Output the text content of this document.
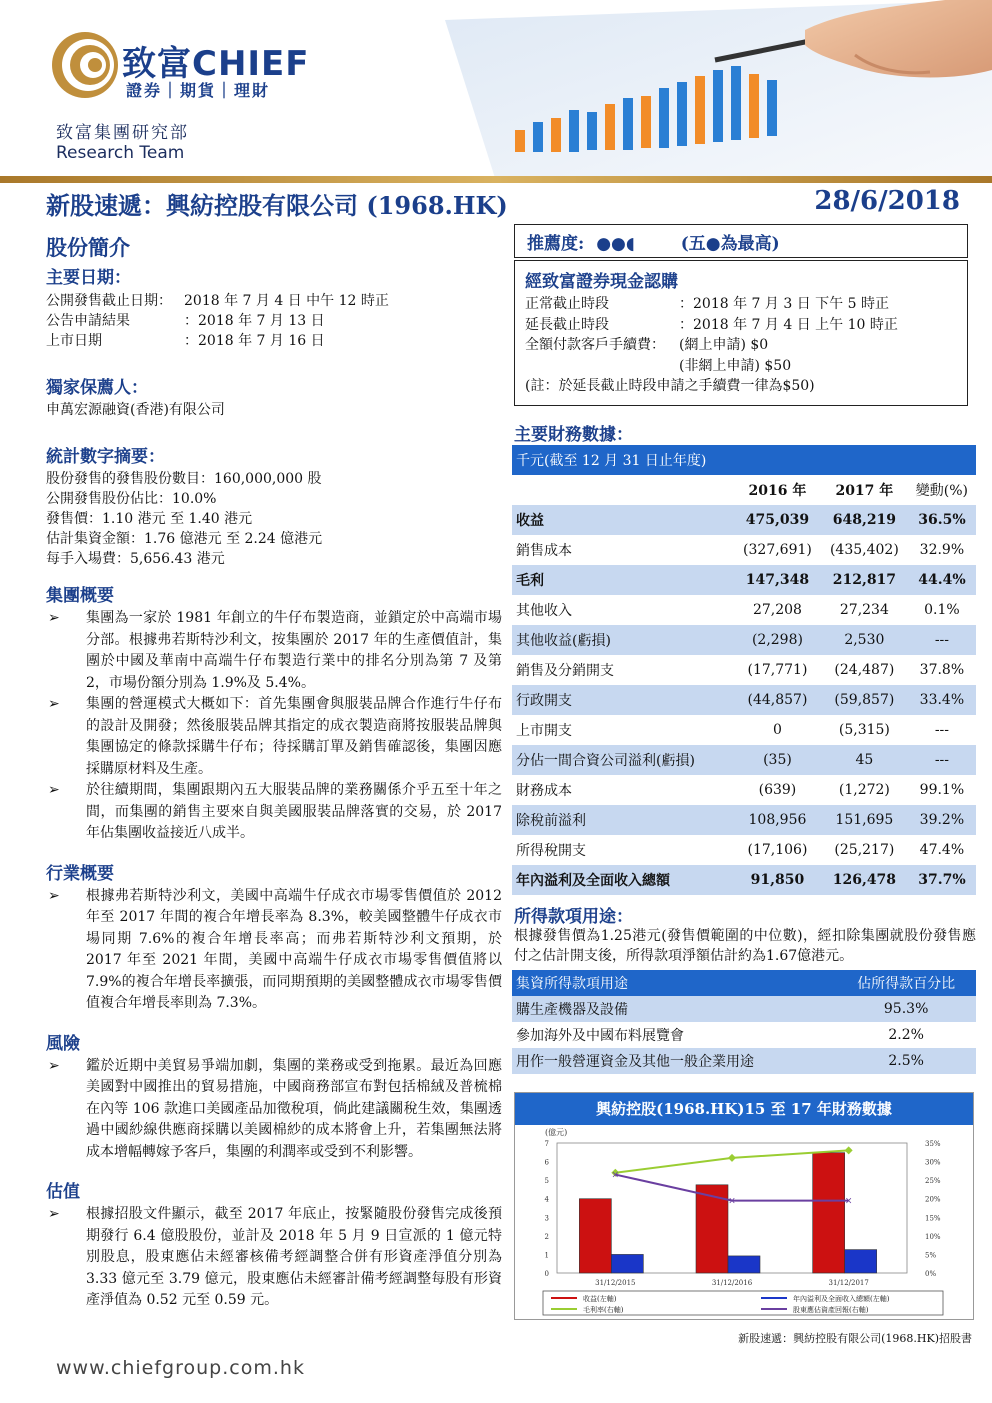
致富CHIEF
證券｜期貨｜理財
致富集團研究部
Research Team
新股速遞：興紡控股有限公司 (1968.HK)	28/6/2018
股份簡介
主要日期：
公開發售截止日期： 2018 年 7 月 4 日 中午 12 時正
公告申請結果	：2018 年 7 月 13 日
上市日期	：2018 年 7 月 16 日
獨家保薦人：
申萬宏源融資(香港)有限公司
統計數字摘要：
股份發售的發售股份數目：160,000,000 股
公開發售股份佔比：10.0%
發售價：1.10 港元 至 1.40 港元
估計集資金額：1.76 億港元 至 2.24 億港元
每手入場費：5,656.43 港元
集團概要
➢	集團為一家於 1981 年創立的牛仔布製造商，並鎖定於中高端市場分部。根據弗若斯特沙利文，按集團於 2017 年的生產價值計，集團於中國及華南中高端牛仔布製造行業中的排名分別為第 7 及第 2，市場份額分別為 1.9%及 5.4%。
➢	集團的營運模式大概如下：首先集團會與服裝品牌合作進行牛仔布的設計及開發；然後服裝品牌其指定的成衣製造商將按服裝品牌與集團協定的條款採購牛仔布；待採購訂單及銷售確認後，集團因應採購原材料及生產。
➢	於往續期間，集團跟期內五大服裝品牌的業務關係介乎五至十年之間，而集團的銷售主要來自與美國服裝品牌落實的交易，於 2017 年佔集團收益接近八成半。
行業概要
➢	根據弗若斯特沙利文，美國中高端牛仔成衣市場零售價值於 2012 年至 2017 年間的複合年增長率為 8.3%，較美國整體牛仔成衣市場同期 7.6%的複合年增長率高；而弗若斯特沙利文預期，於 2017 年至 2021 年間，美國中高端牛仔成衣市場零售價值將以 7.9%的複合年增長率擴張，而同期預期的美國整體成衣市場零售價值複合年增長率則為 7.3%。
風險
➢	鑑於近期中美貿易爭端加劇，集團的業務或受到拖累。最近為回應美國對中國推出的貿易措施，中國商務部宣布對包括棉絨及普梳棉在內等 106 款進口美國產品加徵稅項，倘此建議關稅生效，集團透過中國紗線供應商採購以美國棉紗的成本將會上升，若集團無法將成本增幅轉嫁予客戶，集團的利潤率或受到不利影響。
估值
➢	根據招股文件顯示，截至 2017 年底止，按緊隨股份發售完成後預期發行 6.4 億股股份，並計及 2018 年 5 月 9 日宣派的 1 億元特別股息，股東應佔未經審核備考經調整合併有形資產淨值分別為 3.33 億元至 3.79 億元，股東應佔未經審計備考經調整每股有形資產淨值為 0.52 元至 0.59 元。
推薦度: ●●◖	(五●為最高)
經致富證券現金認購
正常截止時段	：2018 年 7 月 3 日 下午 5 時正
延長截止時段	：2018 年 7 月 4 日 上午 10 時正
全額付款客戶手續費：	(網上申請) $0
(非網上申請) $50
(註：於延長截止時段申請之手續費一律為$50)
主要財務數據：
千元(截至 12 月 31 日止年度)			
	2016 年	2017 年	變動(%)
收益	475,039	648,219	36.5%
銷售成本	(327,691)	(435,402)	32.9%
毛利	147,348	212,817	44.4%
其他收入	27,208	27,234	0.1%
其他收益(虧損)	(2,298)	2,530	---
銷售及分銷開支	(17,771)	(24,487)	37.8%
行政開支	(44,857)	(59,857)	33.4%
上市開支	0	(5,315)	---
分佔一間合資公司溢利(虧損)	(35)	45	---
財務成本	(639)	(1,272)	99.1%
除稅前溢利	108,956	151,695	39.2%
所得稅開支	(17,106)	(25,217)	47.4%
年內溢利及全面收入總額	91,850	126,478	37.7%
所得款項用途：
根據發售價為1.25港元(發售價範圍的中位數)，經扣除集團就股份發售應付之估計開支後，所得款項淨額估計約為1.67億港元。
集資所得款項用途	佔所得款百分比
購生產機器及設備	95.3%
參加海外及中國布料展覽會	2.2%
用作一般營運資金及其他一般企業用途	2.5%
興紡控股(1968.HK)15 至 17 年財務數據
(億元)
0
1
2
3
4
5
6
7
0%
5%
10%
15%
20%
25%
30%
35%
31/12/2015	31/12/2016	31/12/2017
×
×	×
收益(左軸)	年內溢利及全面收入總額(左軸)
毛利率(右軸)	股東應佔資產回報(右軸)
新股速遞：興紡控股有限公司(1968.HK)招股書
www.chiefgroup.com.hk
